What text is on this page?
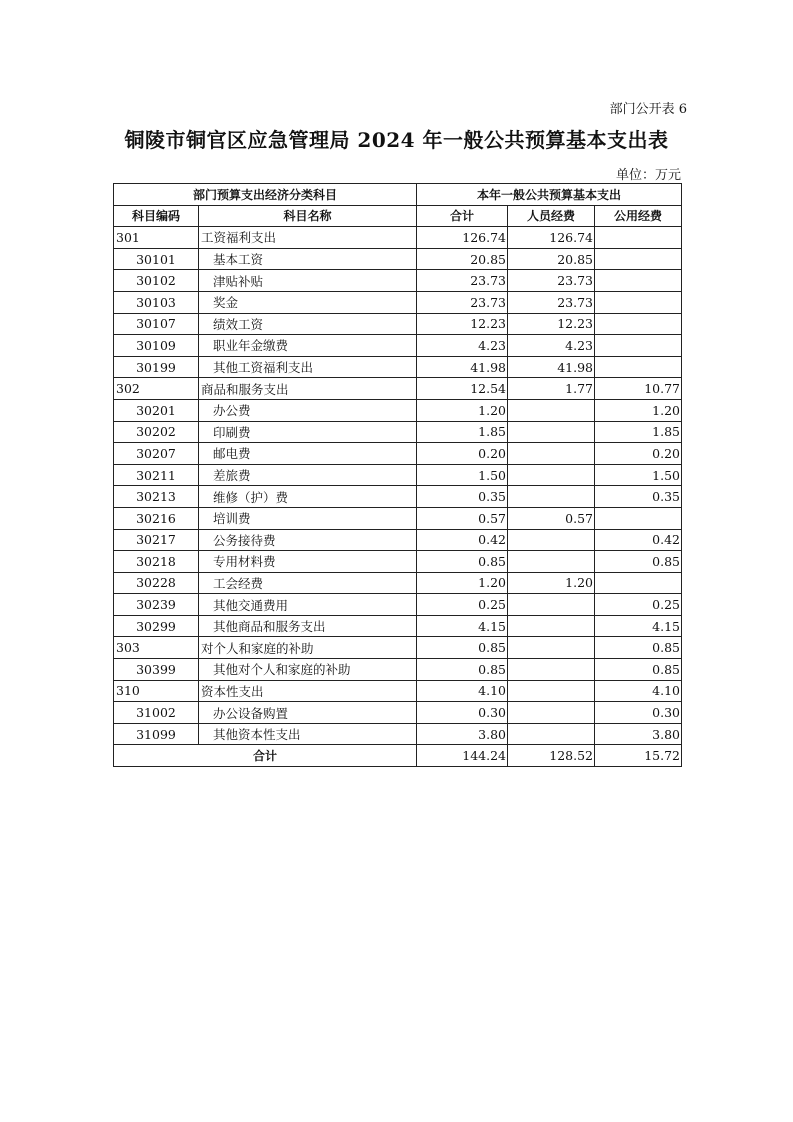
部门公开表 6
铜陵市铜官区应急管理局 2024 年一般公共预算基本支出表
单位：万元
部门预算支出经济分类科目		本年一般公共预算基本支出		
科目编码	科目名称	合计	人员经费	公用经费
301	工资福利支出	126.74	126.74	
30101	基本工资	20.85	20.85	
30102	津贴补贴	23.73	23.73	
30103	奖金	23.73	23.73	
30107	绩效工资	12.23	12.23	
30109	职业年金缴费	4.23	4.23	
30199	其他工资福利支出	41.98	41.98	
302	商品和服务支出	12.54	1.77	10.77
30201	办公费	1.20		1.20
30202	印刷费	1.85		1.85
30207	邮电费	0.20		0.20
30211	差旅费	1.50		1.50
30213	维修（护）费	0.35		0.35
30216	培训费	0.57	0.57	
30217	公务接待费	0.42		0.42
30218	专用材料费	0.85		0.85
30228	工会经费	1.20	1.20	
30239	其他交通费用	0.25		0.25
30299	其他商品和服务支出	4.15		4.15
303	对个人和家庭的补助	0.85		0.85
30399	其他对个人和家庭的补助	0.85		0.85
310	资本性支出	4.10		4.10
31002	办公设备购置	0.30		0.30
31099	其他资本性支出	3.80		3.80
合计		144.24	128.52	15.72
